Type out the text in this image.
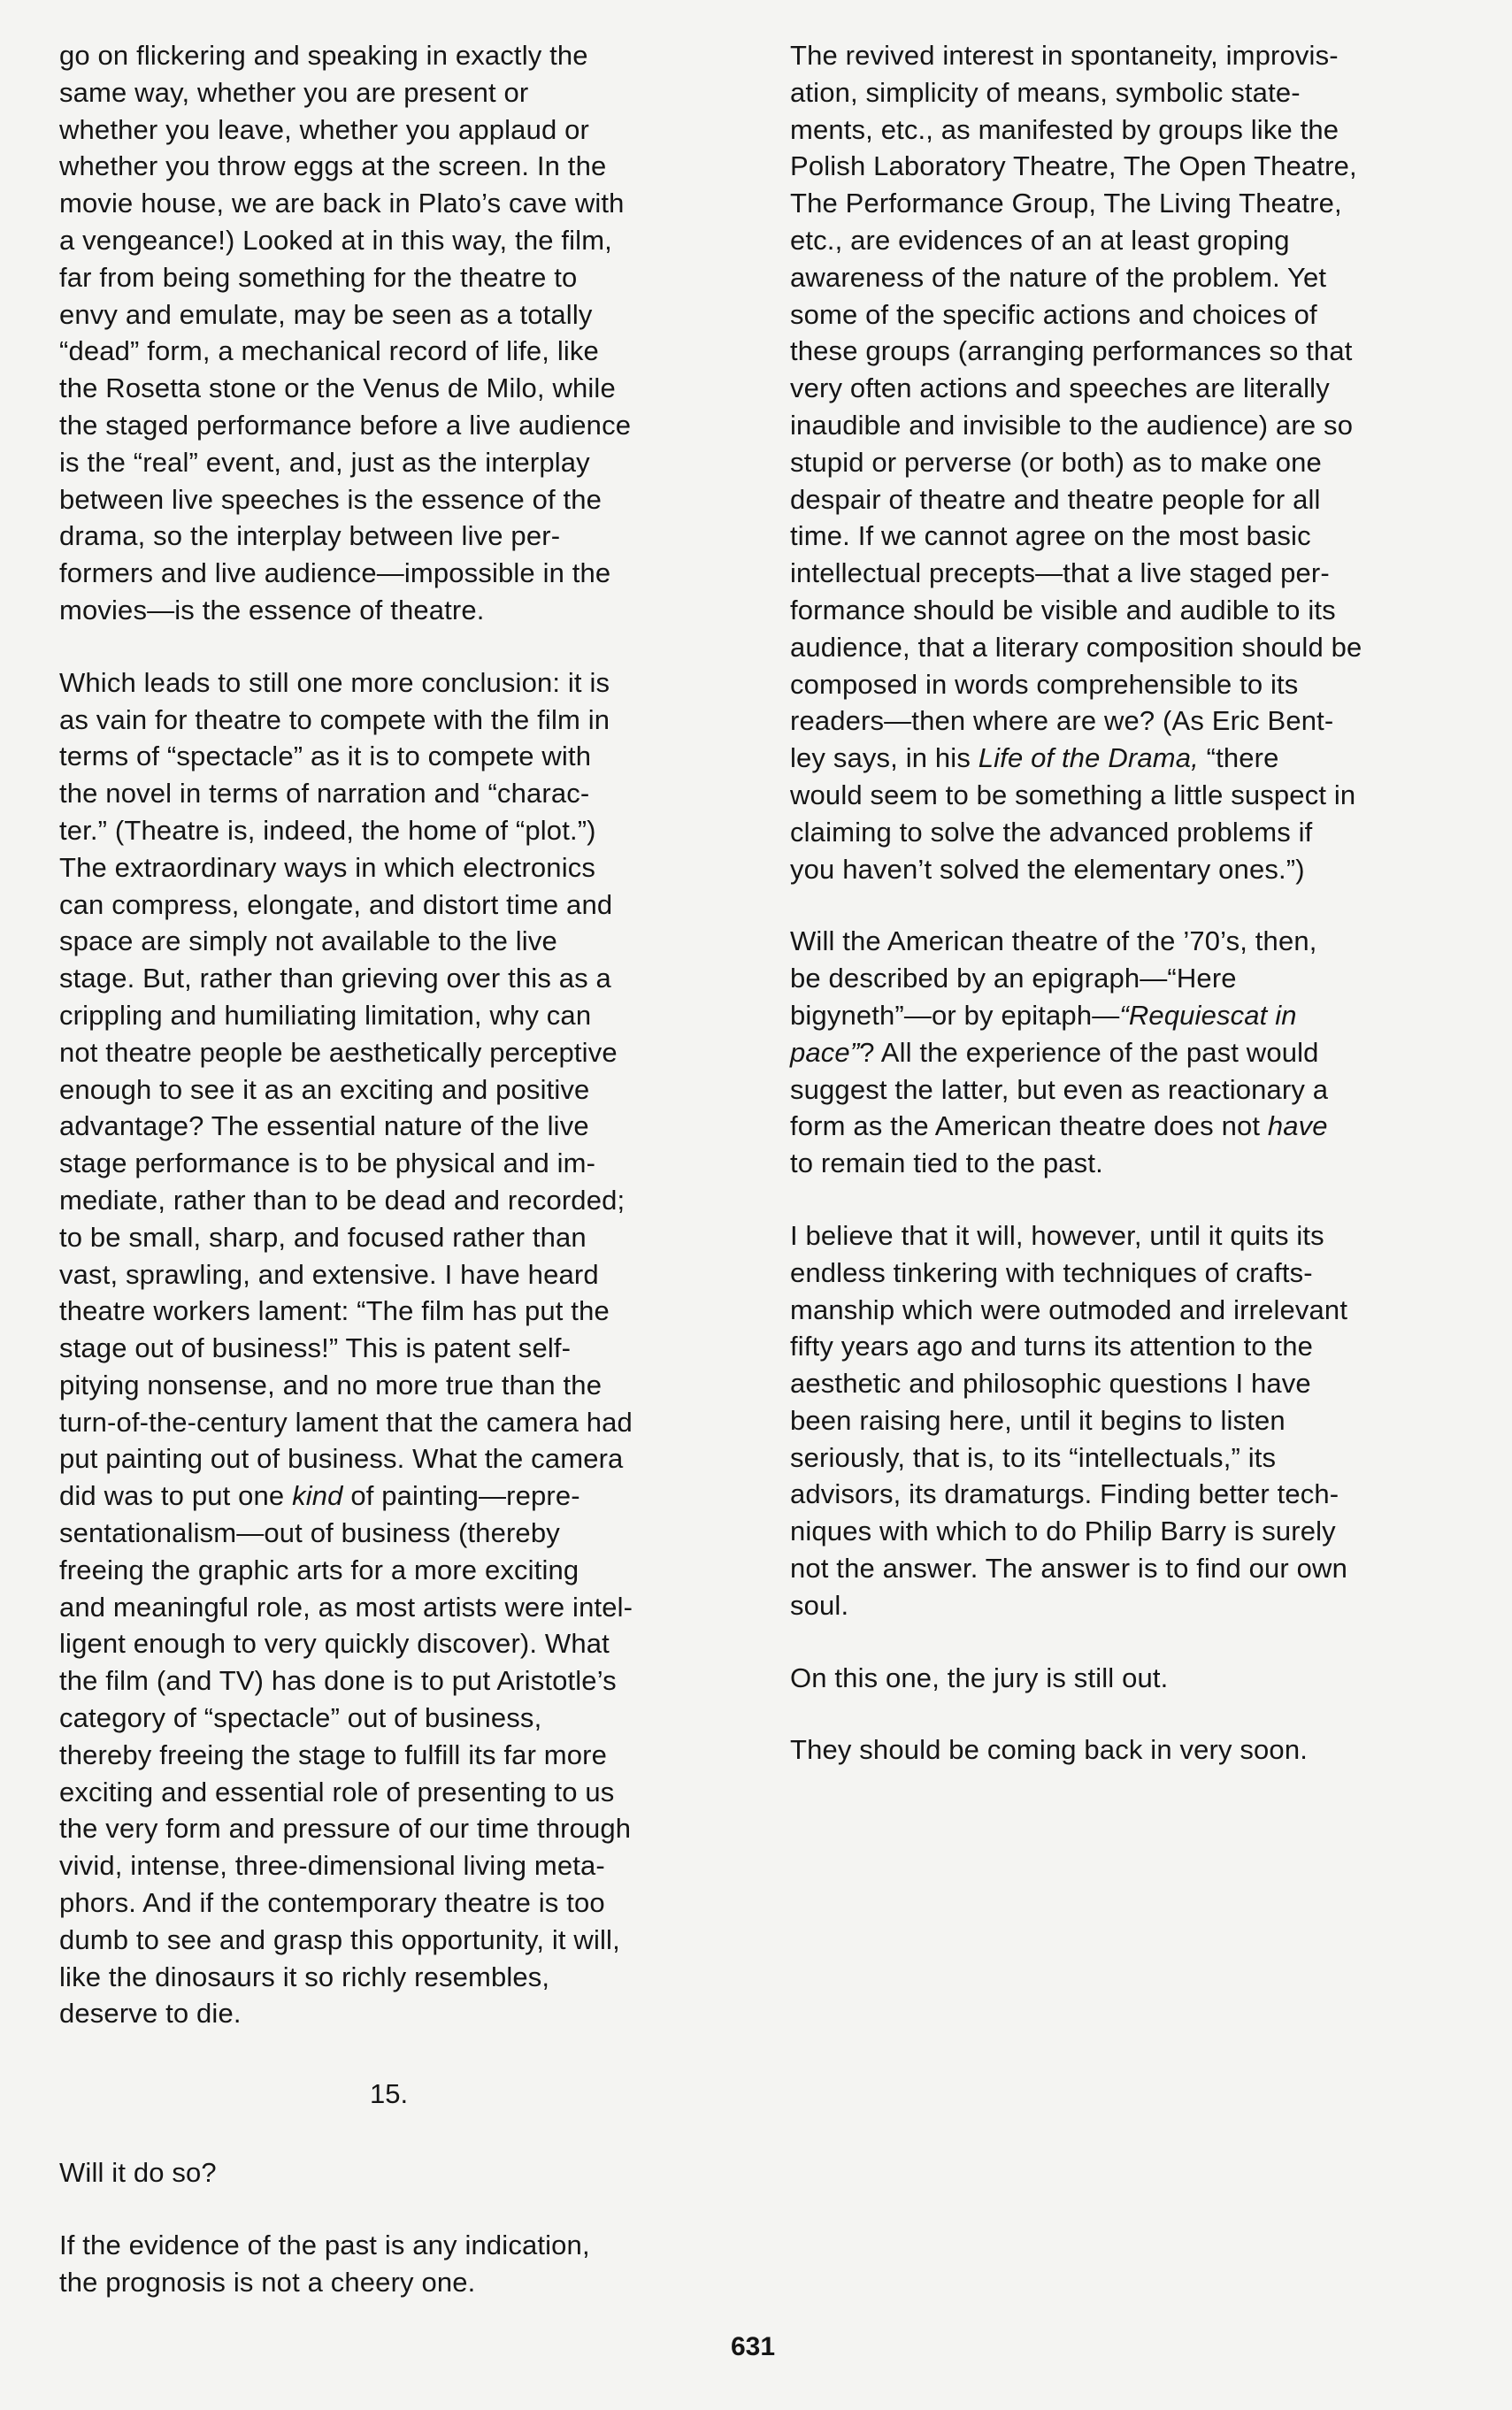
go on flickering and speaking in exactly the
same way, whether you are present or
whether you leave, whether you applaud or
whether you throw eggs at the screen. In the
movie house, we are back in Plato’s cave with
a vengeance!) Looked at in this way, the film,
far from being something for the theatre to
envy and emulate, may be seen as a totally
“dead” form, a mechanical record of life, like
the Rosetta stone or the Venus de Milo, while
the staged performance before a live audience
is the “real” event, and, just as the interplay
between live speeches is the essence of the
drama, so the interplay between live per-
formers and live audience—impossible in the
movies—is the essence of theatre.

Which leads to still one more conclusion: it is
as vain for theatre to compete with the film in
terms of “spectacle” as it is to compete with
the novel in terms of narration and “charac-
ter.” (Theatre is, indeed, the home of “plot.”)
The extraordinary ways in which electronics
can compress, elongate, and distort time and
space are simply not available to the live
stage. But, rather than grieving over this as a
crippling and humiliating limitation, why can
not theatre people be aesthetically perceptive
enough to see it as an exciting and positive
advantage? The essential nature of the live
stage performance is to be physical and im-
mediate, rather than to be dead and recorded;
to be small, sharp, and focused rather than
vast, sprawling, and extensive. I have heard
theatre workers lament: “The film has put the
stage out of business!” This is patent self-
pitying nonsense, and no more true than the
turn-of-the-century lament that the camera had
put painting out of business. What the camera
did was to put one kind of painting—repre-
sentationalism—out of business (thereby
freeing the graphic arts for a more exciting
and meaningful role, as most artists were intel-
ligent enough to very quickly discover). What
the film (and TV) has done is to put Aristotle’s
category of “spectacle” out of business,
thereby freeing the stage to fulfill its far more
exciting and essential role of presenting to us
the very form and pressure of our time through
vivid, intense, three-dimensional living meta-
phors. And if the contemporary theatre is too
dumb to see and grasp this opportunity, it will,
like the dinosaurs it so richly resembles,
deserve to die.

15.

Will it do so?

If the evidence of the past is any indication,
the prognosis is not a cheery one.

The revived interest in spontaneity, improvis-
ation, simplicity of means, symbolic state-
ments, etc., as manifested by groups like the
Polish Laboratory Theatre, The Open Theatre,
The Performance Group, The Living Theatre,
etc., are evidences of an at least groping
awareness of the nature of the problem. Yet
some of the specific actions and choices of
these groups (arranging performances so that
very often actions and speeches are literally
inaudible and invisible to the audience) are so
stupid or perverse (or both) as to make one
despair of theatre and theatre people for all
time. If we cannot agree on the most basic
intellectual precepts—that a live staged per-
formance should be visible and audible to its
audience, that a literary composition should be
composed in words comprehensible to its
readers—then where are we? (As Eric Bent-
ley says, in his Life of the Drama, “there
would seem to be something a little suspect in
claiming to solve the advanced problems if
you haven’t solved the elementary ones.”)

Will the American theatre of the ’70’s, then,
be described by an epigraph—“Here
bigyneth”—or by epitaph—“Requiescat in
pace”? All the experience of the past would
suggest the latter, but even as reactionary a
form as the American theatre does not have
to remain tied to the past.

I believe that it will, however, until it quits its
endless tinkering with techniques of crafts-
manship which were outmoded and irrelevant
fifty years ago and turns its attention to the
aesthetic and philosophic questions I have
been raising here, until it begins to listen
seriously, that is, to its “intellectuals,” its
advisors, its dramaturgs. Finding better tech-
niques with which to do Philip Barry is surely
not the answer. The answer is to find our own
soul.

On this one, the jury is still out.

They should be coming back in very soon.

631
